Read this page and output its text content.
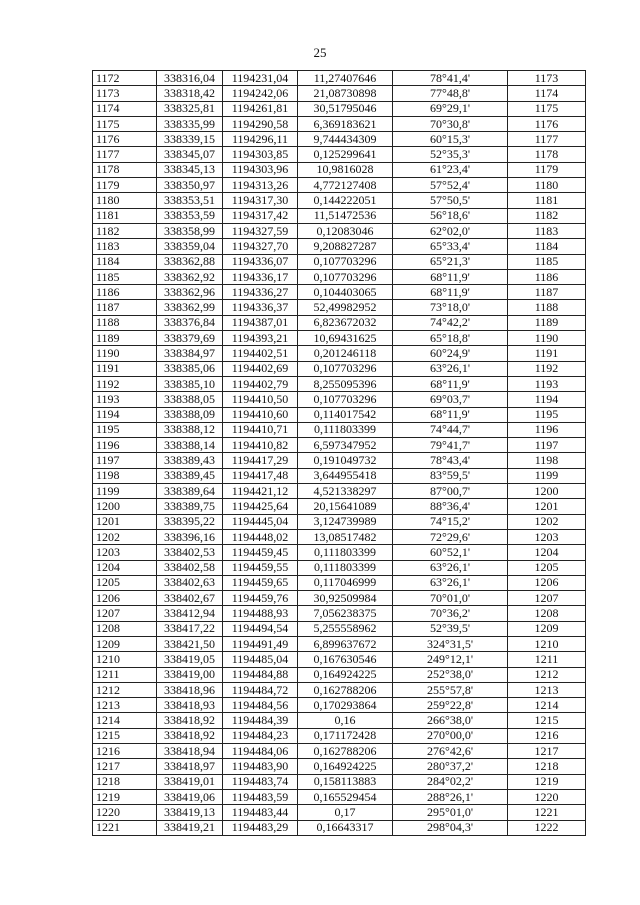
25
1172	338316,04	1194231,04	11,27407646	78°41,4'	1173
1173	338318,42	1194242,06	21,08730898	77°48,8'	1174
1174	338325,81	1194261,81	30,51795046	69°29,1'	1175
1175	338335,99	1194290,58	6,369183621	70°30,8'	1176
1176	338339,15	1194296,11	9,744434309	60°15,3'	1177
1177	338345,07	1194303,85	0,125299641	52°35,3'	1178
1178	338345,13	1194303,96	10,9816028	61°23,4'	1179
1179	338350,97	1194313,26	4,772127408	57°52,4'	1180
1180	338353,51	1194317,30	0,144222051	57°50,5'	1181
1181	338353,59	1194317,42	11,51472536	56°18,6'	1182
1182	338358,99	1194327,59	0,12083046	62°02,0'	1183
1183	338359,04	1194327,70	9,208827287	65°33,4'	1184
1184	338362,88	1194336,07	0,107703296	65°21,3'	1185
1185	338362,92	1194336,17	0,107703296	68°11,9'	1186
1186	338362,96	1194336,27	0,104403065	68°11,9'	1187
1187	338362,99	1194336,37	52,49982952	73°18,0'	1188
1188	338376,84	1194387,01	6,823672032	74°42,2'	1189
1189	338379,69	1194393,21	10,69431625	65°18,8'	1190
1190	338384,97	1194402,51	0,201246118	60°24,9'	1191
1191	338385,06	1194402,69	0,107703296	63°26,1'	1192
1192	338385,10	1194402,79	8,255095396	68°11,9'	1193
1193	338388,05	1194410,50	0,107703296	69°03,7'	1194
1194	338388,09	1194410,60	0,114017542	68°11,9'	1195
1195	338388,12	1194410,71	0,111803399	74°44,7'	1196
1196	338388,14	1194410,82	6,597347952	79°41,7'	1197
1197	338389,43	1194417,29	0,191049732	78°43,4'	1198
1198	338389,45	1194417,48	3,644955418	83°59,5'	1199
1199	338389,64	1194421,12	4,521338297	87°00,7'	1200
1200	338389,75	1194425,64	20,15641089	88°36,4'	1201
1201	338395,22	1194445,04	3,124739989	74°15,2'	1202
1202	338396,16	1194448,02	13,08517482	72°29,6'	1203
1203	338402,53	1194459,45	0,111803399	60°52,1'	1204
1204	338402,58	1194459,55	0,111803399	63°26,1'	1205
1205	338402,63	1194459,65	0,117046999	63°26,1'	1206
1206	338402,67	1194459,76	30,92509984	70°01,0'	1207
1207	338412,94	1194488,93	7,056238375	70°36,2'	1208
1208	338417,22	1194494,54	5,255558962	52°39,5'	1209
1209	338421,50	1194491,49	6,899637672	324°31,5'	1210
1210	338419,05	1194485,04	0,167630546	249°12,1'	1211
1211	338419,00	1194484,88	0,164924225	252°38,0'	1212
1212	338418,96	1194484,72	0,162788206	255°57,8'	1213
1213	338418,93	1194484,56	0,170293864	259°22,8'	1214
1214	338418,92	1194484,39	0,16	266°38,0'	1215
1215	338418,92	1194484,23	0,171172428	270°00,0'	1216
1216	338418,94	1194484,06	0,162788206	276°42,6'	1217
1217	338418,97	1194483,90	0,164924225	280°37,2'	1218
1218	338419,01	1194483,74	0,158113883	284°02,2'	1219
1219	338419,06	1194483,59	0,165529454	288°26,1'	1220
1220	338419,13	1194483,44	0,17	295°01,0'	1221
1221	338419,21	1194483,29	0,16643317	298°04,3'	1222
